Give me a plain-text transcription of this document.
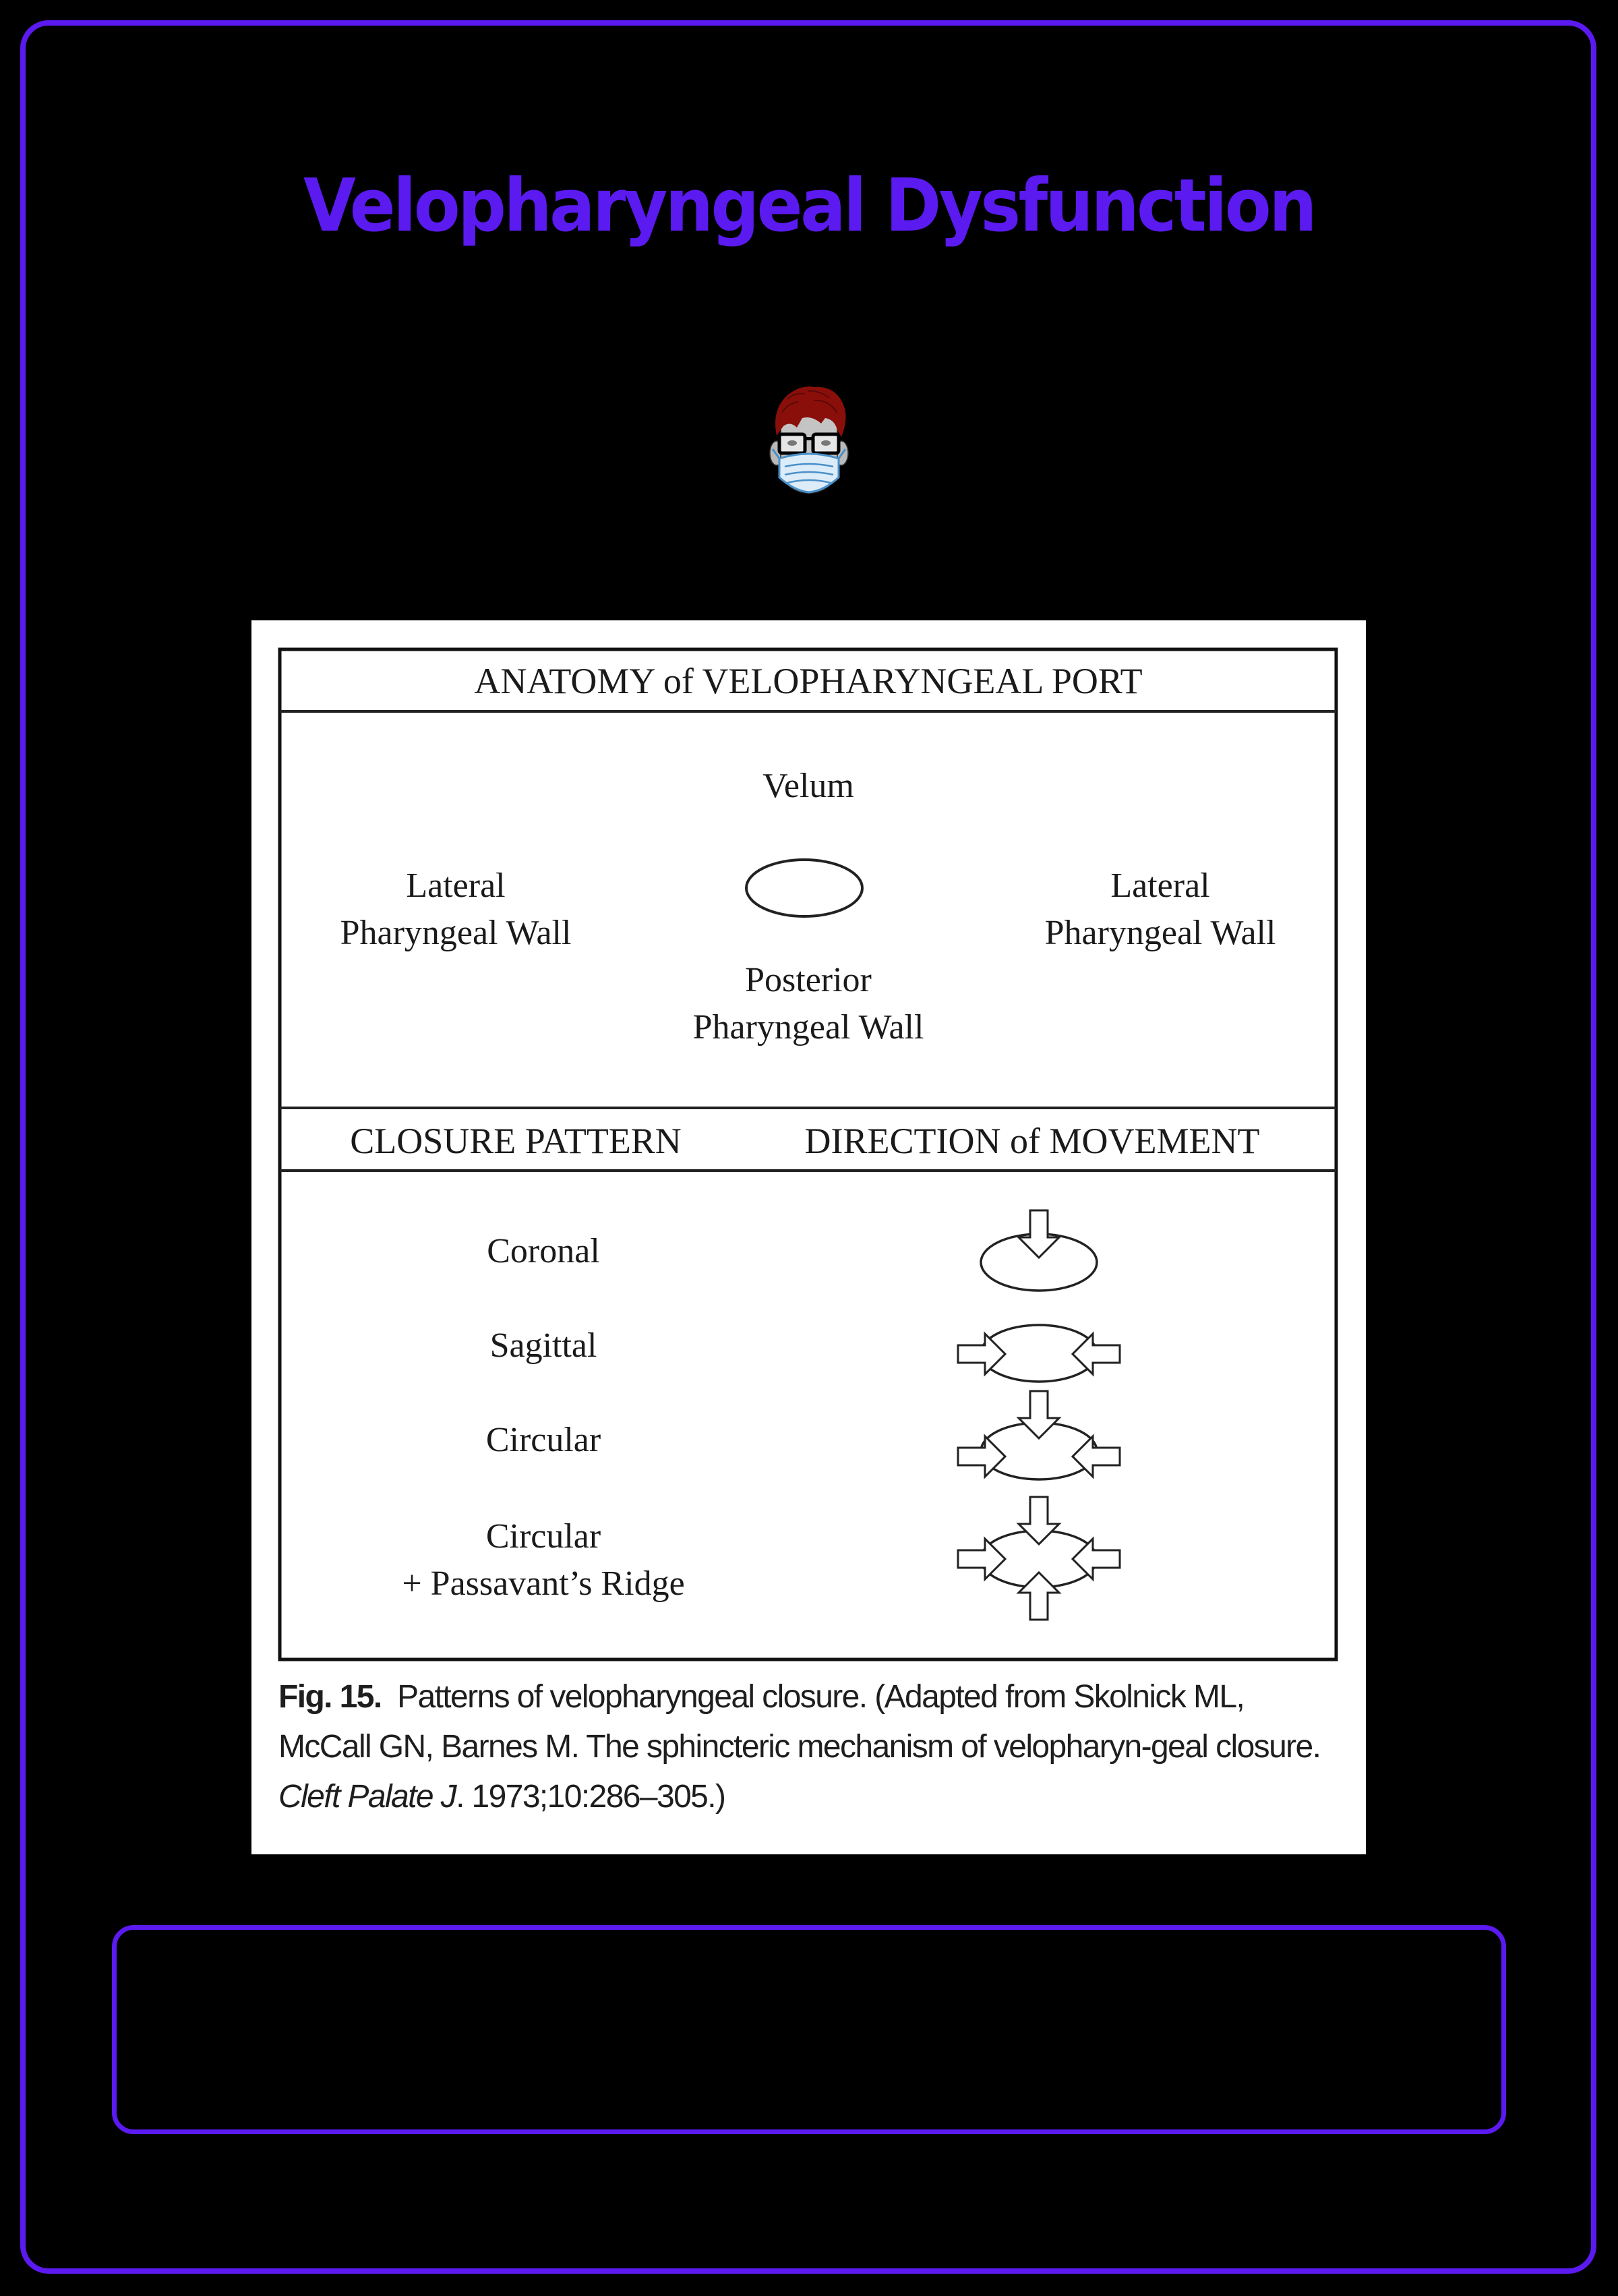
Velopharyngeal Dysfunction
ANATOMY of VELOPHARYNGEAL PORT
Velum
Lateral
Pharyngeal Wall
Lateral
Pharyngeal Wall
Posterior
Pharyngeal Wall
CLOSURE PATTERN	DIRECTION of MOVEMENT
Coronal
Sagittal
Circular
Circular
+ Passavant’s Ridge
Fig. 15. Patterns of velopharyngeal closure. (Adapted from Skolnick ML, McCall GN, Barnes M. The sphincteric mechanism of velopharyn-geal closure. Cleft Palate J. 1973;10:286–305.)
